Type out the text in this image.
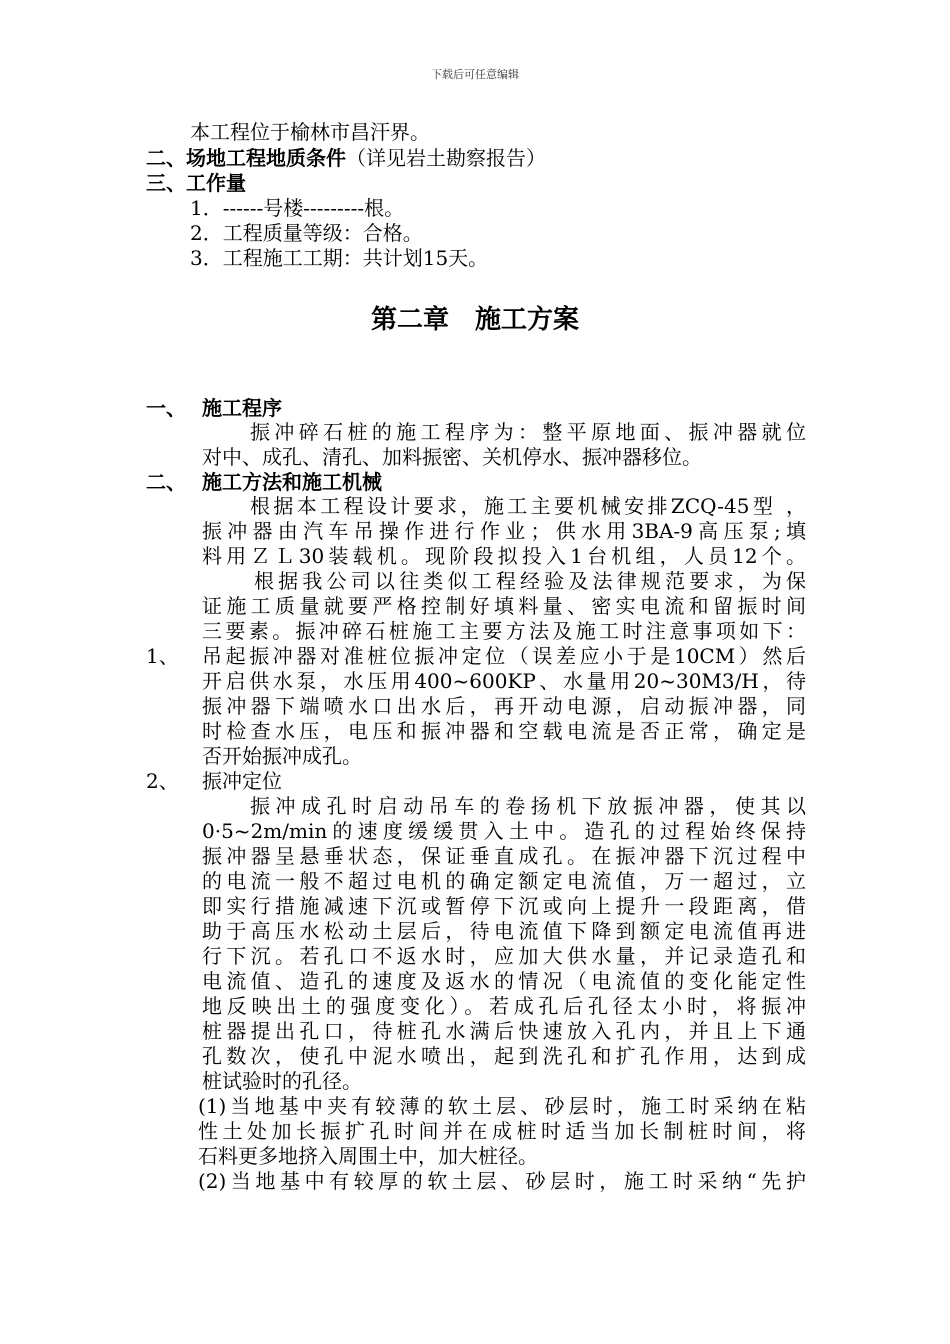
下载后可任意编辑
本工程位于榆林市昌汗界。
二、场地工程地质条件（详见岩土勘察报告）
三、工作量
1．------号楼---------根。
2．工程质量等级：合格。
3．工程施工工期：共计划15天。
第二章　施工方案
一、 施工程序
振冲碎石桩的施工程序为：整平原地面、振冲器就位
对中、成孔、清孔、加料振密、关机停水、振冲器移位。
二、 施工方法和施工机械
根据本工程设计要求，施工主要机械安排ZCQ-45型 ，
振冲器由汽车吊操作进行作业；供水用3BA-9高压泵;填
料用ＺＬ30装载机。现阶段拟投入1台机组，人员12个。
根据我公司以往类似工程经验及法律规范要求，为保
证施工质量就要严格控制好填料量、密实电流和留振时间
三要素。振冲碎石桩施工主要方法及施工时注意事项如下：
1、 吊起振冲器对准桩位振冲定位（误差应小于是10CM）然后
开启供水泵，水压用400~600KP、水量用20~30M3/H，待
振冲器下端喷水口出水后，再开动电源，启动振冲器，同
时检查水压，电压和振冲器和空载电流是否正常，确定是
否开始振冲成孔。
2、 振冲定位
振冲成孔时启动吊车的卷扬机下放振冲器，使其以
0·5~2m/min的速度缓缓贯入土中。造孔的过程始终保持
振冲器呈悬垂状态，保证垂直成孔。在振冲器下沉过程中
的电流一般不超过电机的确定额定电流值，万一超过，立
即实行措施减速下沉或暂停下沉或向上提升一段距离，借
助于高压水松动土层后，待电流值下降到额定电流值再进
行下沉。若孔口不返水时，应加大供水量，并记录造孔和
电流值、造孔的速度及返水的情况（电流值的变化能定性
地反映出土的强度变化）。若成孔后孔径太小时，将振冲
桩器提出孔口，待桩孔水满后快速放入孔内，并且上下通
孔数次，使孔中泥水喷出，起到洗孔和扩孔作用，达到成
桩试验时的孔径。
(1)当地基中夹有较薄的软土层、砂层时，施工时采纳在粘
性土处加长振扩孔时间并在成桩时适当加长制桩时间，将
石料更多地挤入周围土中，加大桩径。
(2)当地基中有较厚的软土层、砂层时，施工时采纳“先护
